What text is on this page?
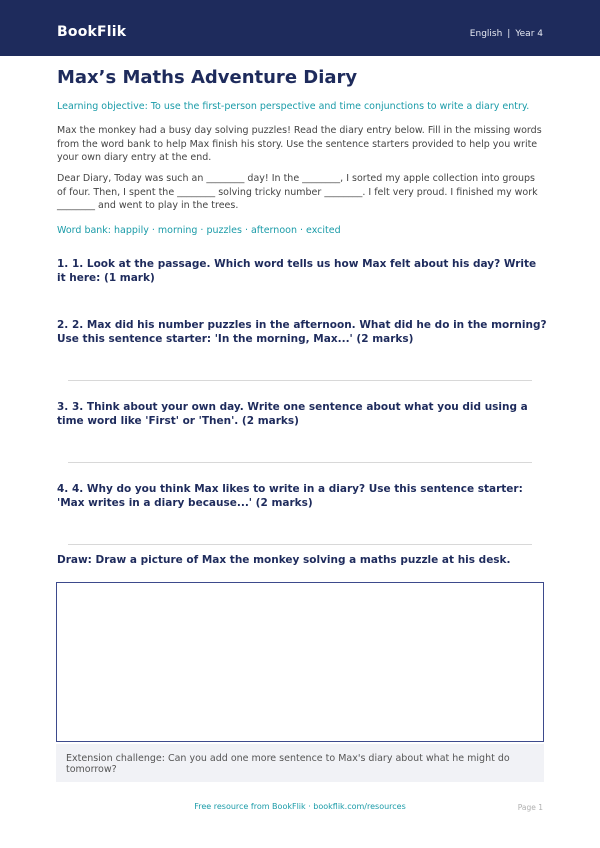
BookFlik	English | Year 4
Max’s Maths Adventure Diary
Learning objective: To use the first-person perspective and time conjunctions to write a diary entry.
Max the monkey had a busy day solving puzzles! Read the diary entry below. Fill in the missing words from the word bank to help Max finish his story. Use the sentence starters provided to help you write your own diary entry at the end.
Dear Diary, Today was such an ________ day! In the ________, I sorted my apple collection into groups of four. Then, I spent the ________ solving tricky number ________. I felt very proud. I finished my work ________ and went to play in the trees.
Word bank: happily · morning · puzzles · afternoon · excited
1. 1. Look at the passage. Which word tells us how Max felt about his day? Write it here: (1 mark)
2. 2. Max did his number puzzles in the afternoon. What did he do in the morning? Use this sentence starter: 'In the morning, Max...' (2 marks)
3. 3. Think about your own day. Write one sentence about what you did using a time word like 'First' or 'Then'. (2 marks)
4. 4. Why do you think Max likes to write in a diary? Use this sentence starter: 'Max writes in a diary because...' (2 marks)
Draw: Draw a picture of Max the monkey solving a maths puzzle at his desk.
Extension challenge: Can you add one more sentence to Max's diary about what he might do tomorrow?
Free resource from BookFlik · bookflik.com/resources	Page 1
